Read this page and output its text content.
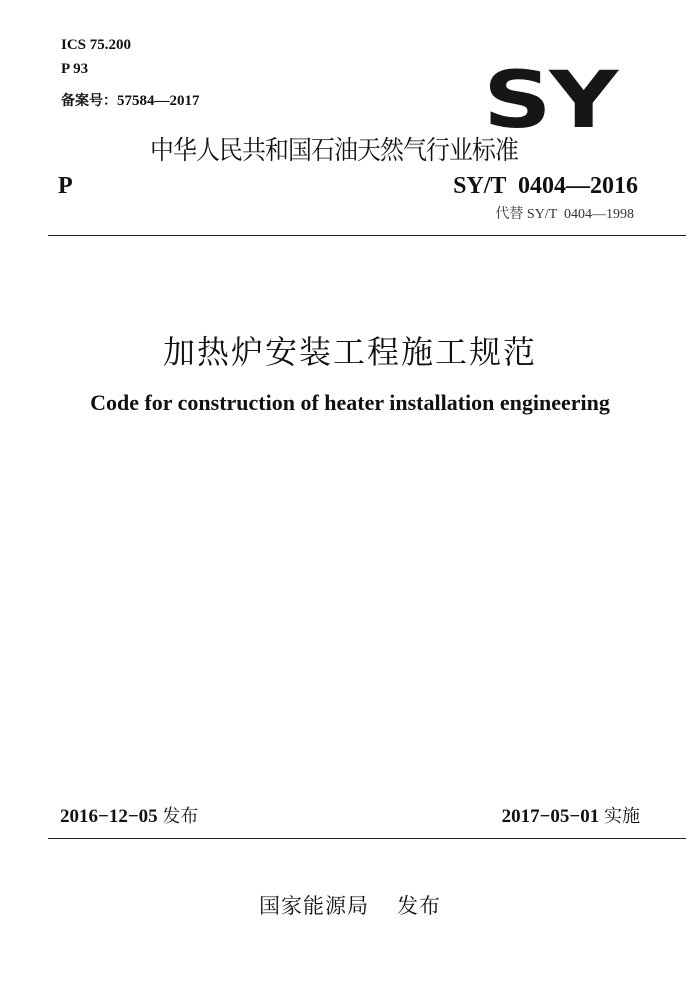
ICS 75.200
P 93
备案号：57584—2017	SY
中华人民共和国石油天然气行业标准
P	SY/T  0404—2016
代替 SY/T  0404—1998
加热炉安装工程施工规范
Code for construction of heater installation engineering
2016−12−05 发布	2017−05−01 实施
国家能源局 发布
